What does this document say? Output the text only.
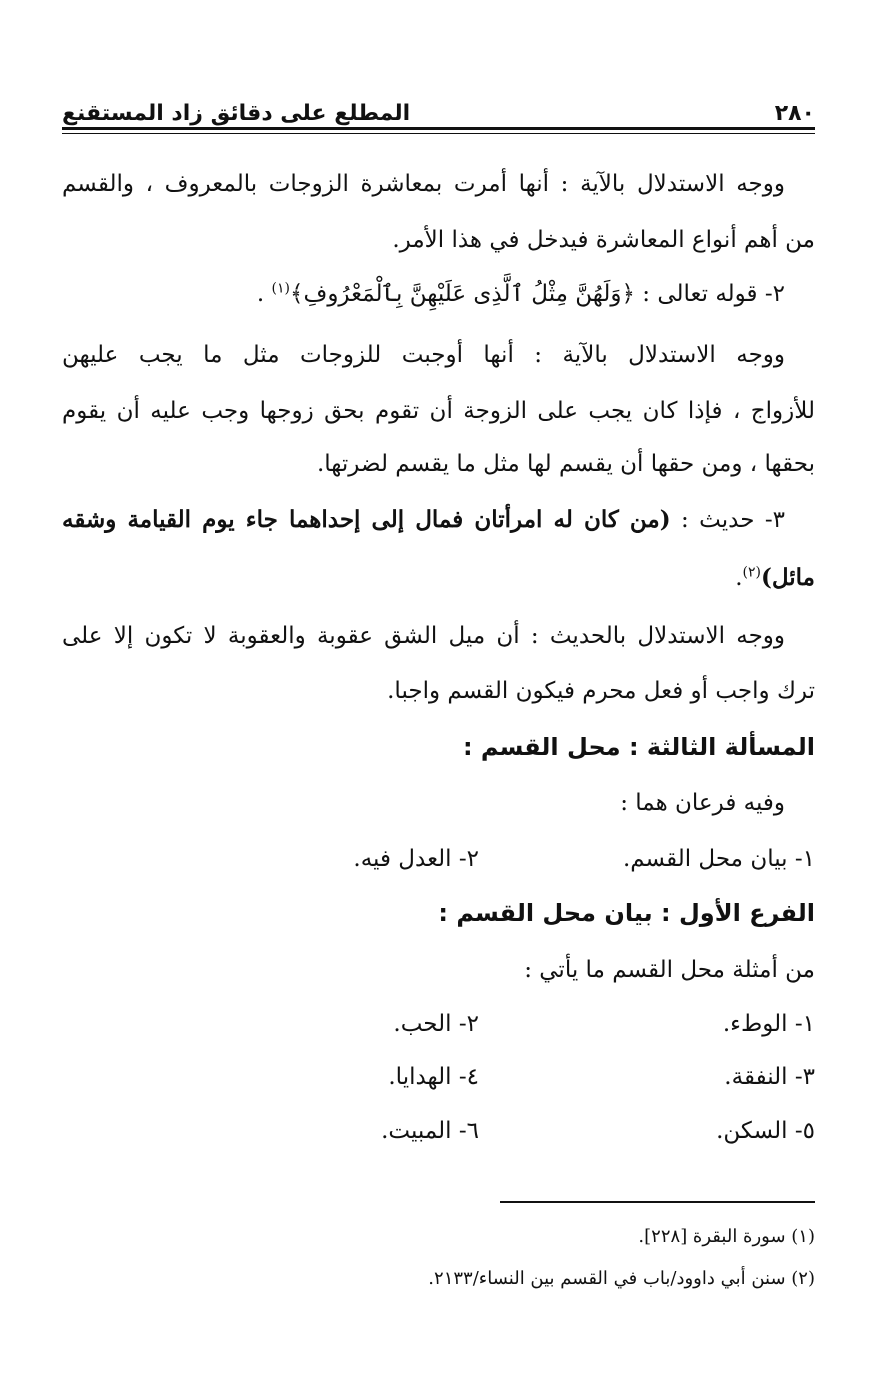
٢٨٠
المطلع على دقائق زاد المستقنع
ووجه الاستدلال بالآية : أنها أمرت بمعاشرة الزوجات بالمعروف ، والقسم
من أهم أنواع المعاشرة فيدخل في هذا الأمر.
٢- قوله تعالى : ﴿وَلَهُنَّ مِثْلُ ٱلَّذِى عَلَيْهِنَّ بِٱلْمَعْرُوفِ﴾$^{(١)}$ .
ووجه الاستدلال بالآية : أنها أوجبت للزوجات مثل ما يجب عليهن
للأزواج ، فإذا كان يجب على الزوجة أن تقوم بحق زوجها وجب عليه أن يقوم
بحقها ، ومن حقها أن يقسم لها مثل ما يقسم لضرتها.
٣- حديث : (من كان له امرأتان فمال إلى إحداهما جاء يوم القيامة وشقه
مائل)$^{(٢)}$.
ووجه الاستدلال بالحديث : أن ميل الشق عقوبة والعقوبة لا تكون إلا على
ترك واجب أو فعل محرم فيكون القسم واجبا.
المسألة الثالثة : محل القسم :
وفيه فرعان هما :
١- بيان محل القسم.
٢- العدل فيه.
الفرع الأول : بيان محل القسم :
من أمثلة محل القسم ما يأتي :
١- الوطء.
٢- الحب.
٣- النفقة.
٤- الهدايا.
٥- السكن.
٦- المبيت.
(١) سورة البقرة [٢٢٨].
(٢) سنن أبي داوود/باب في القسم بين النساء/٢١٣٣.
